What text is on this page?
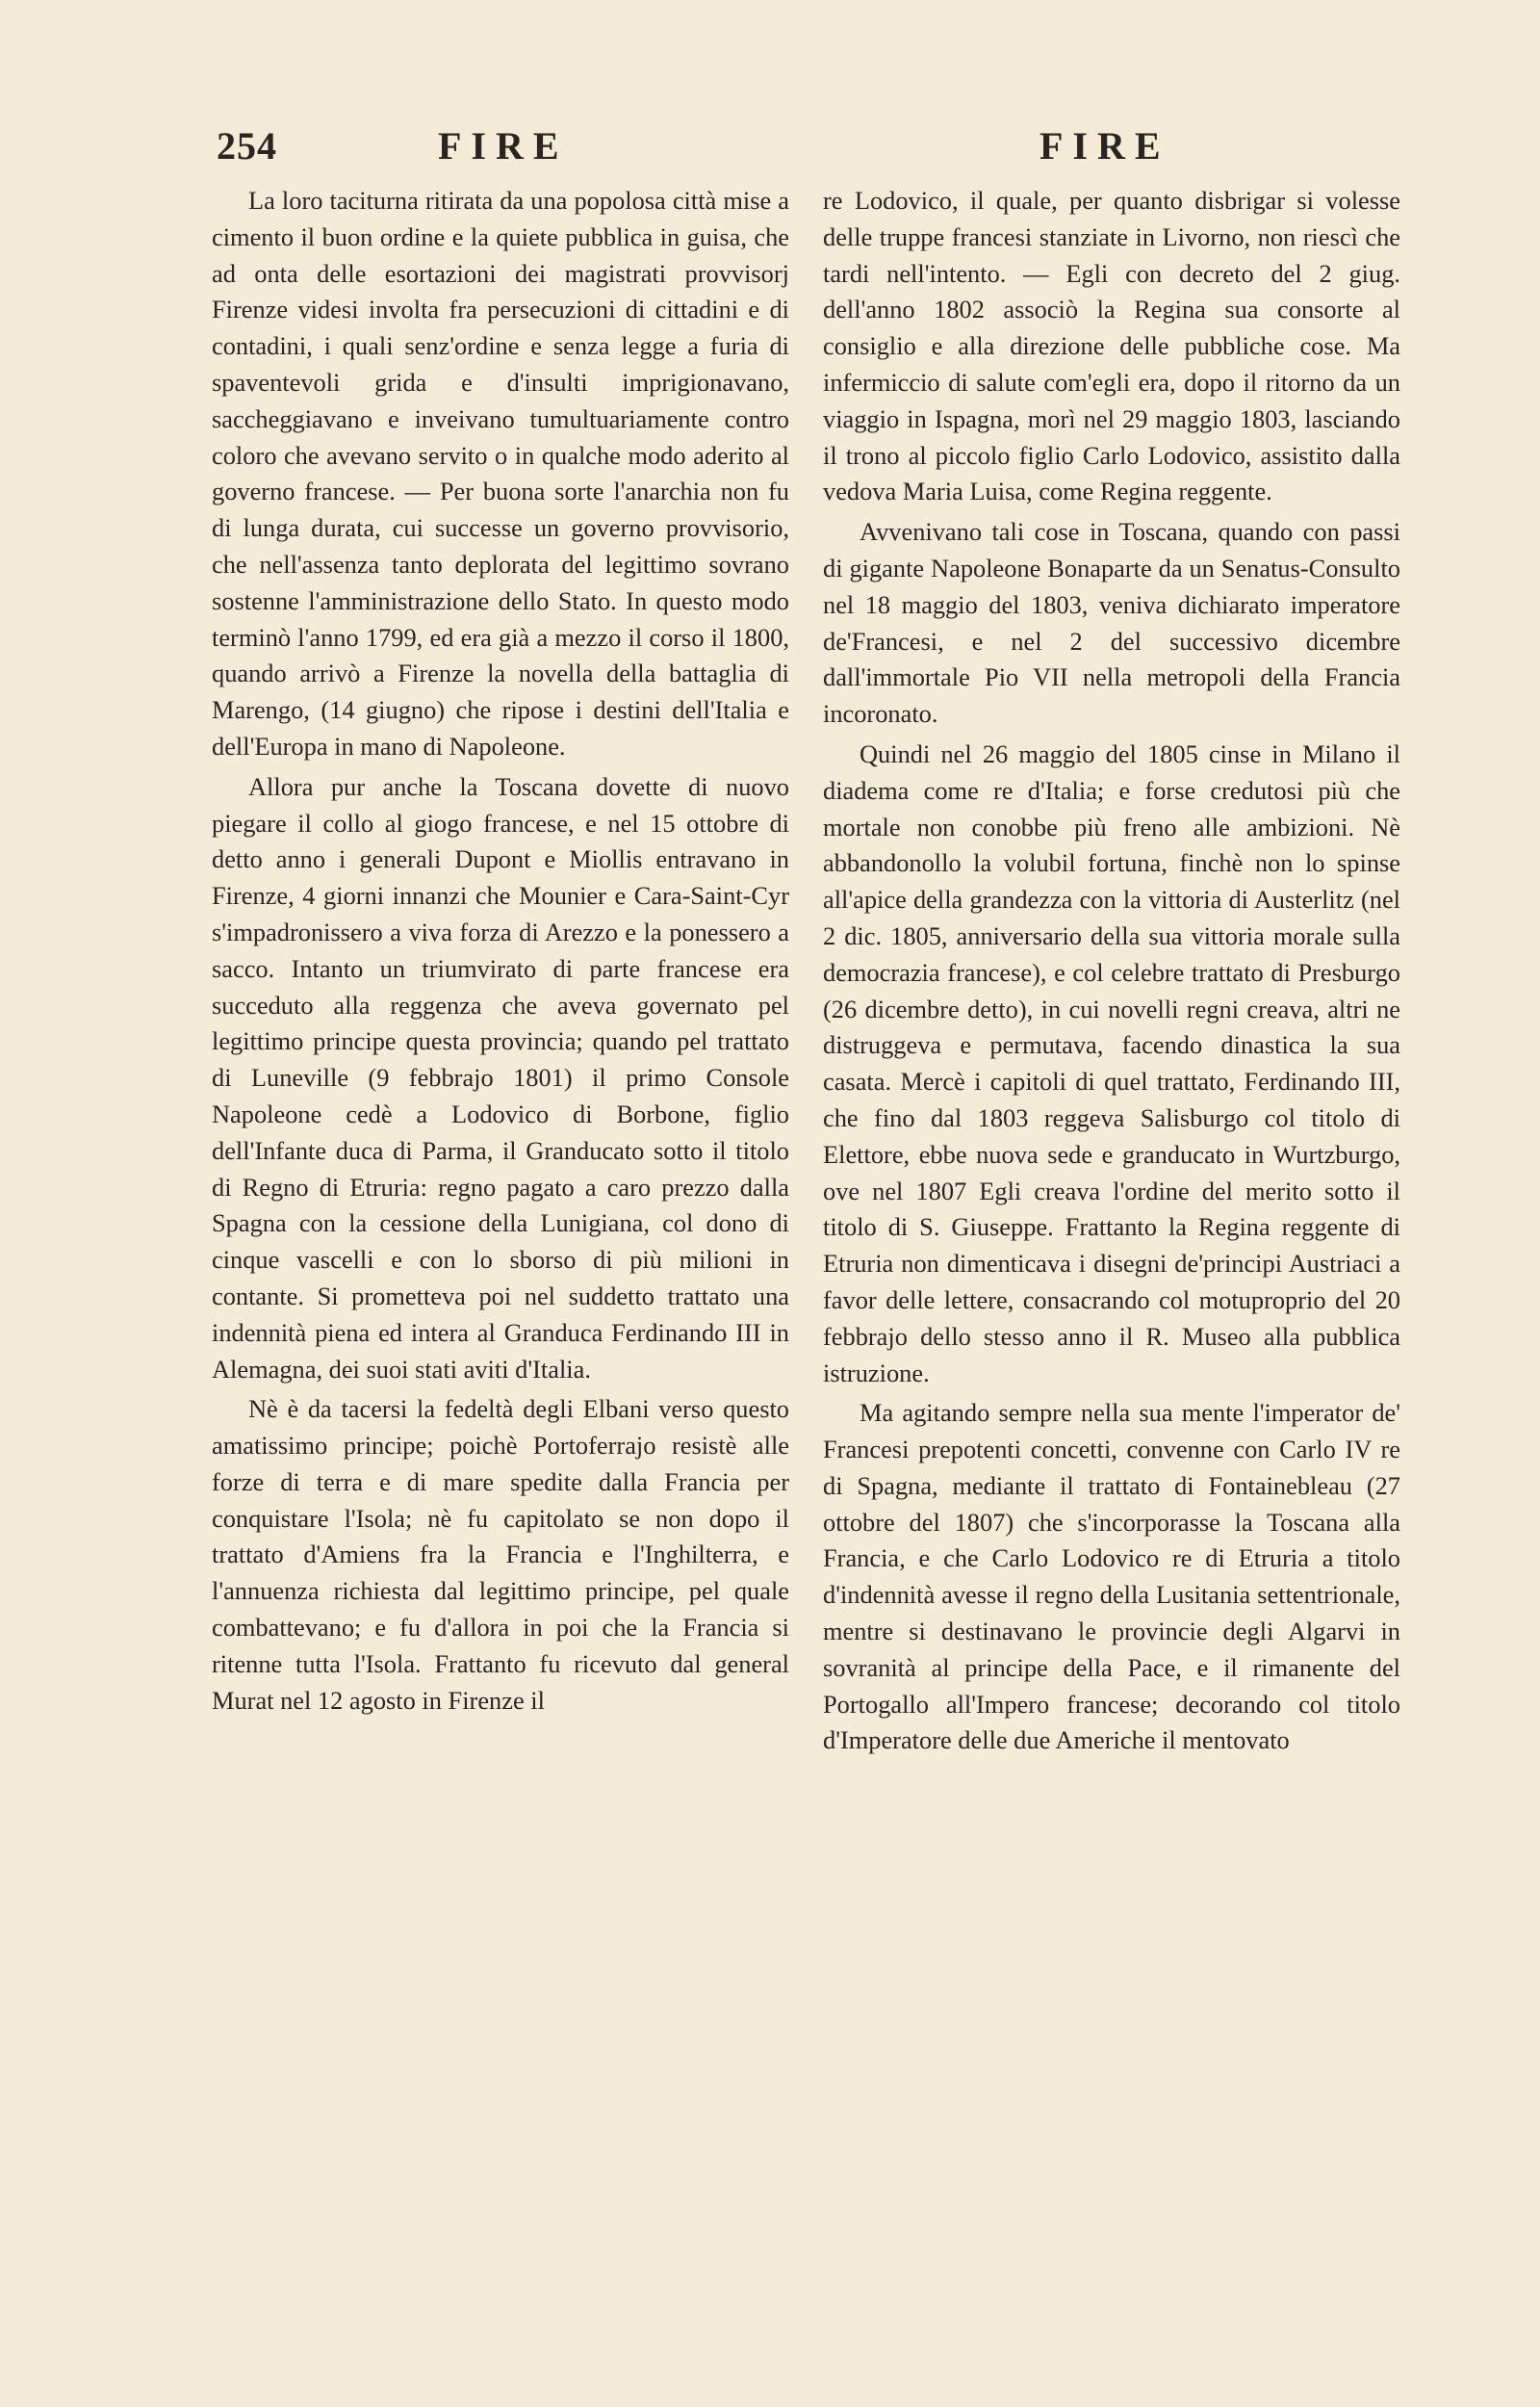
254	FIRE	FIRE

La loro taciturna ritirata da una popolosa città mise a cimento il buon ordine e la quiete pubblica in guisa, che ad onta delle esortazioni dei magistrati provvisorj Firenze videsi involta fra persecuzioni di cittadini e di contadini, i quali senz'ordine e senza legge a furia di spaventevoli grida e d'insulti imprigionavano, saccheggiavano e inveivano tumultuariamente contro coloro che avevano servito o in qualche modo aderito al governo francese. — Per buona sorte l'anarchia non fu di lunga durata, cui successe un governo provvisorio, che nell'assenza tanto deplorata del legittimo sovrano sostenne l'amministrazione dello Stato. In questo modo terminò l'anno 1799, ed era già a mezzo il corso il 1800, quando arrivò a Firenze la novella della battaglia di Marengo, (14 giugno) che ripose i destini dell'Italia e dell'Europa in mano di Napoleone.

Allora pur anche la Toscana dovette di nuovo piegare il collo al giogo francese, e nel 15 ottobre di detto anno i generali Dupont e Miollis entravano in Firenze, 4 giorni innanzi che Mounier e Cara-Saint-Cyr s'impadronissero a viva forza di Arezzo e la ponessero a sacco. Intanto un triumvirato di parte francese era succeduto alla reggenza che aveva governato pel legittimo principe questa provincia; quando pel trattato di Luneville (9 febbrajo 1801) il primo Console Napoleone cedè a Lodovico di Borbone, figlio dell'Infante duca di Parma, il Granducato sotto il titolo di Regno di Etruria: regno pagato a caro prezzo dalla Spagna con la cessione della Lunigiana, col dono di cinque vascelli e con lo sborso di più milioni in contante. Si prometteva poi nel suddetto trattato una indennità piena ed intera al Granduca Ferdinando III in Alemagna, dei suoi stati aviti d'Italia.

Nè è da tacersi la fedeltà degli Elbani verso questo amatissimo principe; poichè Portoferrajo resistè alle forze di terra e di mare spedite dalla Francia per conquistare l'Isola; nè fu capitolato se non dopo il trattato d'Amiens fra la Francia e l'Inghilterra, e l'annuenza richiesta dal legittimo principe, pel quale combattevano; e fu d'allora in poi che la Francia si ritenne tutta l'Isola. Frattanto fu ricevuto dal general Murat nel 12 agosto in Firenze il

re Lodovico, il quale, per quanto disbrigar si volesse delle truppe francesi stanziate in Livorno, non riescì che tardi nell'intento. — Egli con decreto del 2 giug. dell'anno 1802 associò la Regina sua consorte al consiglio e alla direzione delle pubbliche cose. Ma infermiccio di salute com'egli era, dopo il ritorno da un viaggio in Ispagna, morì nel 29 maggio 1803, lasciando il trono al piccolo figlio Carlo Lodovico, assistito dalla vedova Maria Luisa, come Regina reggente.

Avvenivano tali cose in Toscana, quando con passi di gigante Napoleone Bonaparte da un Senatus-Consulto nel 18 maggio del 1803, veniva dichiarato imperatore de'Francesi, e nel 2 del successivo dicembre dall'immortale Pio VII nella metropoli della Francia incoronato.

Quindi nel 26 maggio del 1805 cinse in Milano il diadema come re d'Italia; e forse credutosi più che mortale non conobbe più freno alle ambizioni. Nè abbandonollo la volubil fortuna, finchè non lo spinse all'apice della grandezza con la vittoria di Austerlitz (nel 2 dic. 1805, anniversario della sua vittoria morale sulla democrazia francese), e col celebre trattato di Presburgo (26 dicembre detto), in cui novelli regni creava, altri ne distruggeva e permutava, facendo dinastica la sua casata. Mercè i capitoli di quel trattato, Ferdinando III, che fino dal 1803 reggeva Salisburgo col titolo di Elettore, ebbe nuova sede e granducato in Wurtzburgo, ove nel 1807 Egli creava l'ordine del merito sotto il titolo di S. Giuseppe. Frattanto la Regina reggente di Etruria non dimenticava i disegni de'principi Austriaci a favor delle lettere, consacrando col motuproprio del 20 febbrajo dello stesso anno il R. Museo alla pubblica istruzione.

Ma agitando sempre nella sua mente l'imperator de' Francesi prepotenti concetti, convenne con Carlo IV re di Spagna, mediante il trattato di Fontainebleau (27 ottobre del 1807) che s'incorporasse la Toscana alla Francia, e che Carlo Lodovico re di Etruria a titolo d'indennità avesse il regno della Lusitania settentrionale, mentre si destinavano le provincie degli Algarvi in sovranità al principe della Pace, e il rimanente del Portogallo all'Impero francese; decorando col titolo d'Imperatore delle due Americhe il mentovato
